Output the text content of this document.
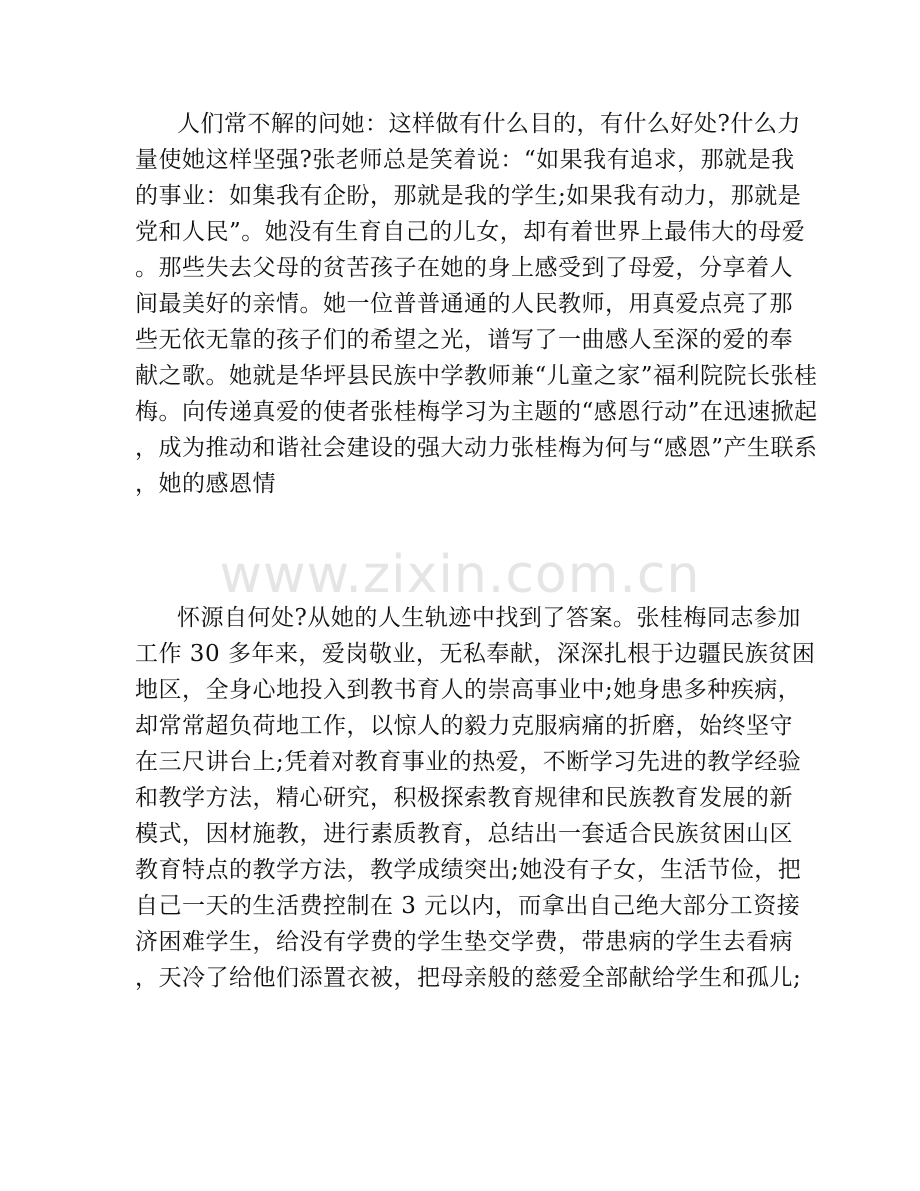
人们常不解的问她：这样做有什么目的，有什么好处?什么力
量使她这样坚强?张老师总是笑着说：“如果我有追求，那就是我
的事业：如集我有企盼，那就是我的学生;如果我有动力，那就是
党和人民”。她没有生育自己的儿女，却有着世界上最伟大的母爱
。那些失去父母的贫苦孩子在她的身上感受到了母爱，分享着人
间最美好的亲情。她一位普普通通的人民教师，用真爱点亮了那
些无依无靠的孩子们的希望之光，谱写了一曲感人至深的爱的奉
献之歌。她就是华坪县民族中学教师兼“儿童之家”福利院院长张桂
梅。向传递真爱的使者张桂梅学习为主题的“感恩行动”在迅速掀起
，成为推动和谐社会建设的强大动力张桂梅为何与“感恩”产生联系
，她的感恩情
www.zixin.com.cn
怀源自何处?从她的人生轨迹中找到了答案。张桂梅同志参加
工作 30 多年来，爱岗敬业，无私奉献，深深扎根于边疆民族贫困
地区，全身心地投入到教书育人的崇高事业中;她身患多种疾病，
却常常超负荷地工作，以惊人的毅力克服病痛的折磨，始终坚守
在三尺讲台上;凭着对教育事业的热爱，不断学习先进的教学经验
和教学方法，精心研究，积极探索教育规律和民族教育发展的新
模式，因材施教，进行素质教育，总结出一套适合民族贫困山区
教育特点的教学方法，教学成绩突出;她没有子女，生活节俭，把
自己一天的生活费控制在 3 元以内，而拿出自己绝大部分工资接
济困难学生，给没有学费的学生垫交学费，带患病的学生去看病
，天冷了给他们添置衣被，把母亲般的慈爱全部献给学生和孤儿;
